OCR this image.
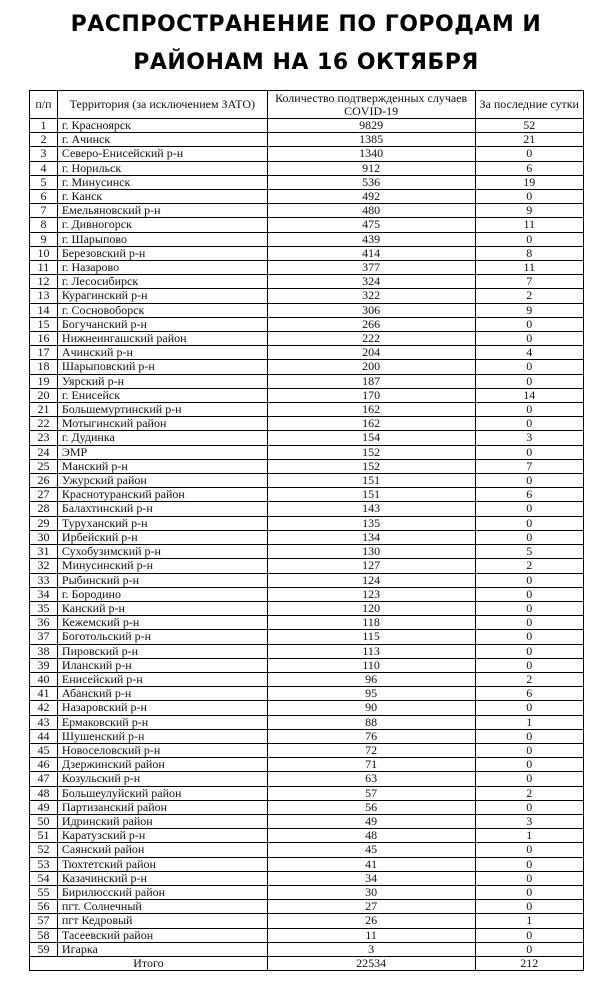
РАСПРОСТРАНЕНИЕ ПО ГОРОДАМ И
РАЙОНАМ НА 16 ОКТЯБРЯ
п/п	Территория (за исключением ЗАТО)	Количество подтвержденных случаев COVID-19	За последние сутки
1	г. Красноярск	9829	52
2	г. Ачинск	1385	21
3	Северо-Енисейский р-н	1340	0
4	г. Норильск	912	6
5	г. Минусинск	536	19
6	г. Канск	492	0
7	Емельяновский р-н	480	9
8	г. Дивногорск	475	11
9	г. Шарыпово	439	0
10	Березовский р-н	414	8
11	г. Назарово	377	11
12	г. Лесосибирск	324	7
13	Курагинский р-н	322	2
14	г. Сосновоборск	306	9
15	Богучанский р-н	266	0
16	Нижнеингашский район	222	0
17	Ачинский р-н	204	4
18	Шарыповский р-н	200	0
19	Уярский р-н	187	0
20	г. Енисейск	170	14
21	Большемуртинский р-н	162	0
22	Мотыгинский район	162	0
23	г. Дудинка	154	3
24	ЭМР	152	0
25	Манский р-н	152	7
26	Ужурский район	151	0
27	Краснотуранский район	151	6
28	Балахтинский р-н	143	0
29	Туруханский р-н	135	0
30	Ирбейский р-н	134	0
31	Сухобузимский р-н	130	5
32	Минусинский р-н	127	2
33	Рыбинский р-н	124	0
34	г. Бородино	123	0
35	Канский р-н	120	0
36	Кежемский р-н	118	0
37	Боготольский р-н	115	0
38	Пировский р-н	113	0
39	Иланский р-н	110	0
40	Енисейский р-н	96	2
41	Абанский р-н	95	6
42	Назаровский р-н	90	0
43	Ермаковский р-н	88	1
44	Шушенский р-н	76	0
45	Новоселовский р-н	72	0
46	Дзержинский район	71	0
47	Козульский р-н	63	0
48	Большеулуйский район	57	2
49	Партизанский район	56	0
50	Идринский район	49	3
51	Каратузский р-н	48	1
52	Саянский район	45	0
53	Тюхтетский район	41	0
54	Казачинский р-н	34	0
55	Бирилюсский район	30	0
56	пгт. Солнечный	27	0
57	пгт Кедровый	26	1
58	Тасеевский район	11	0
59	Игарка	3	0
Итого		22534	212
